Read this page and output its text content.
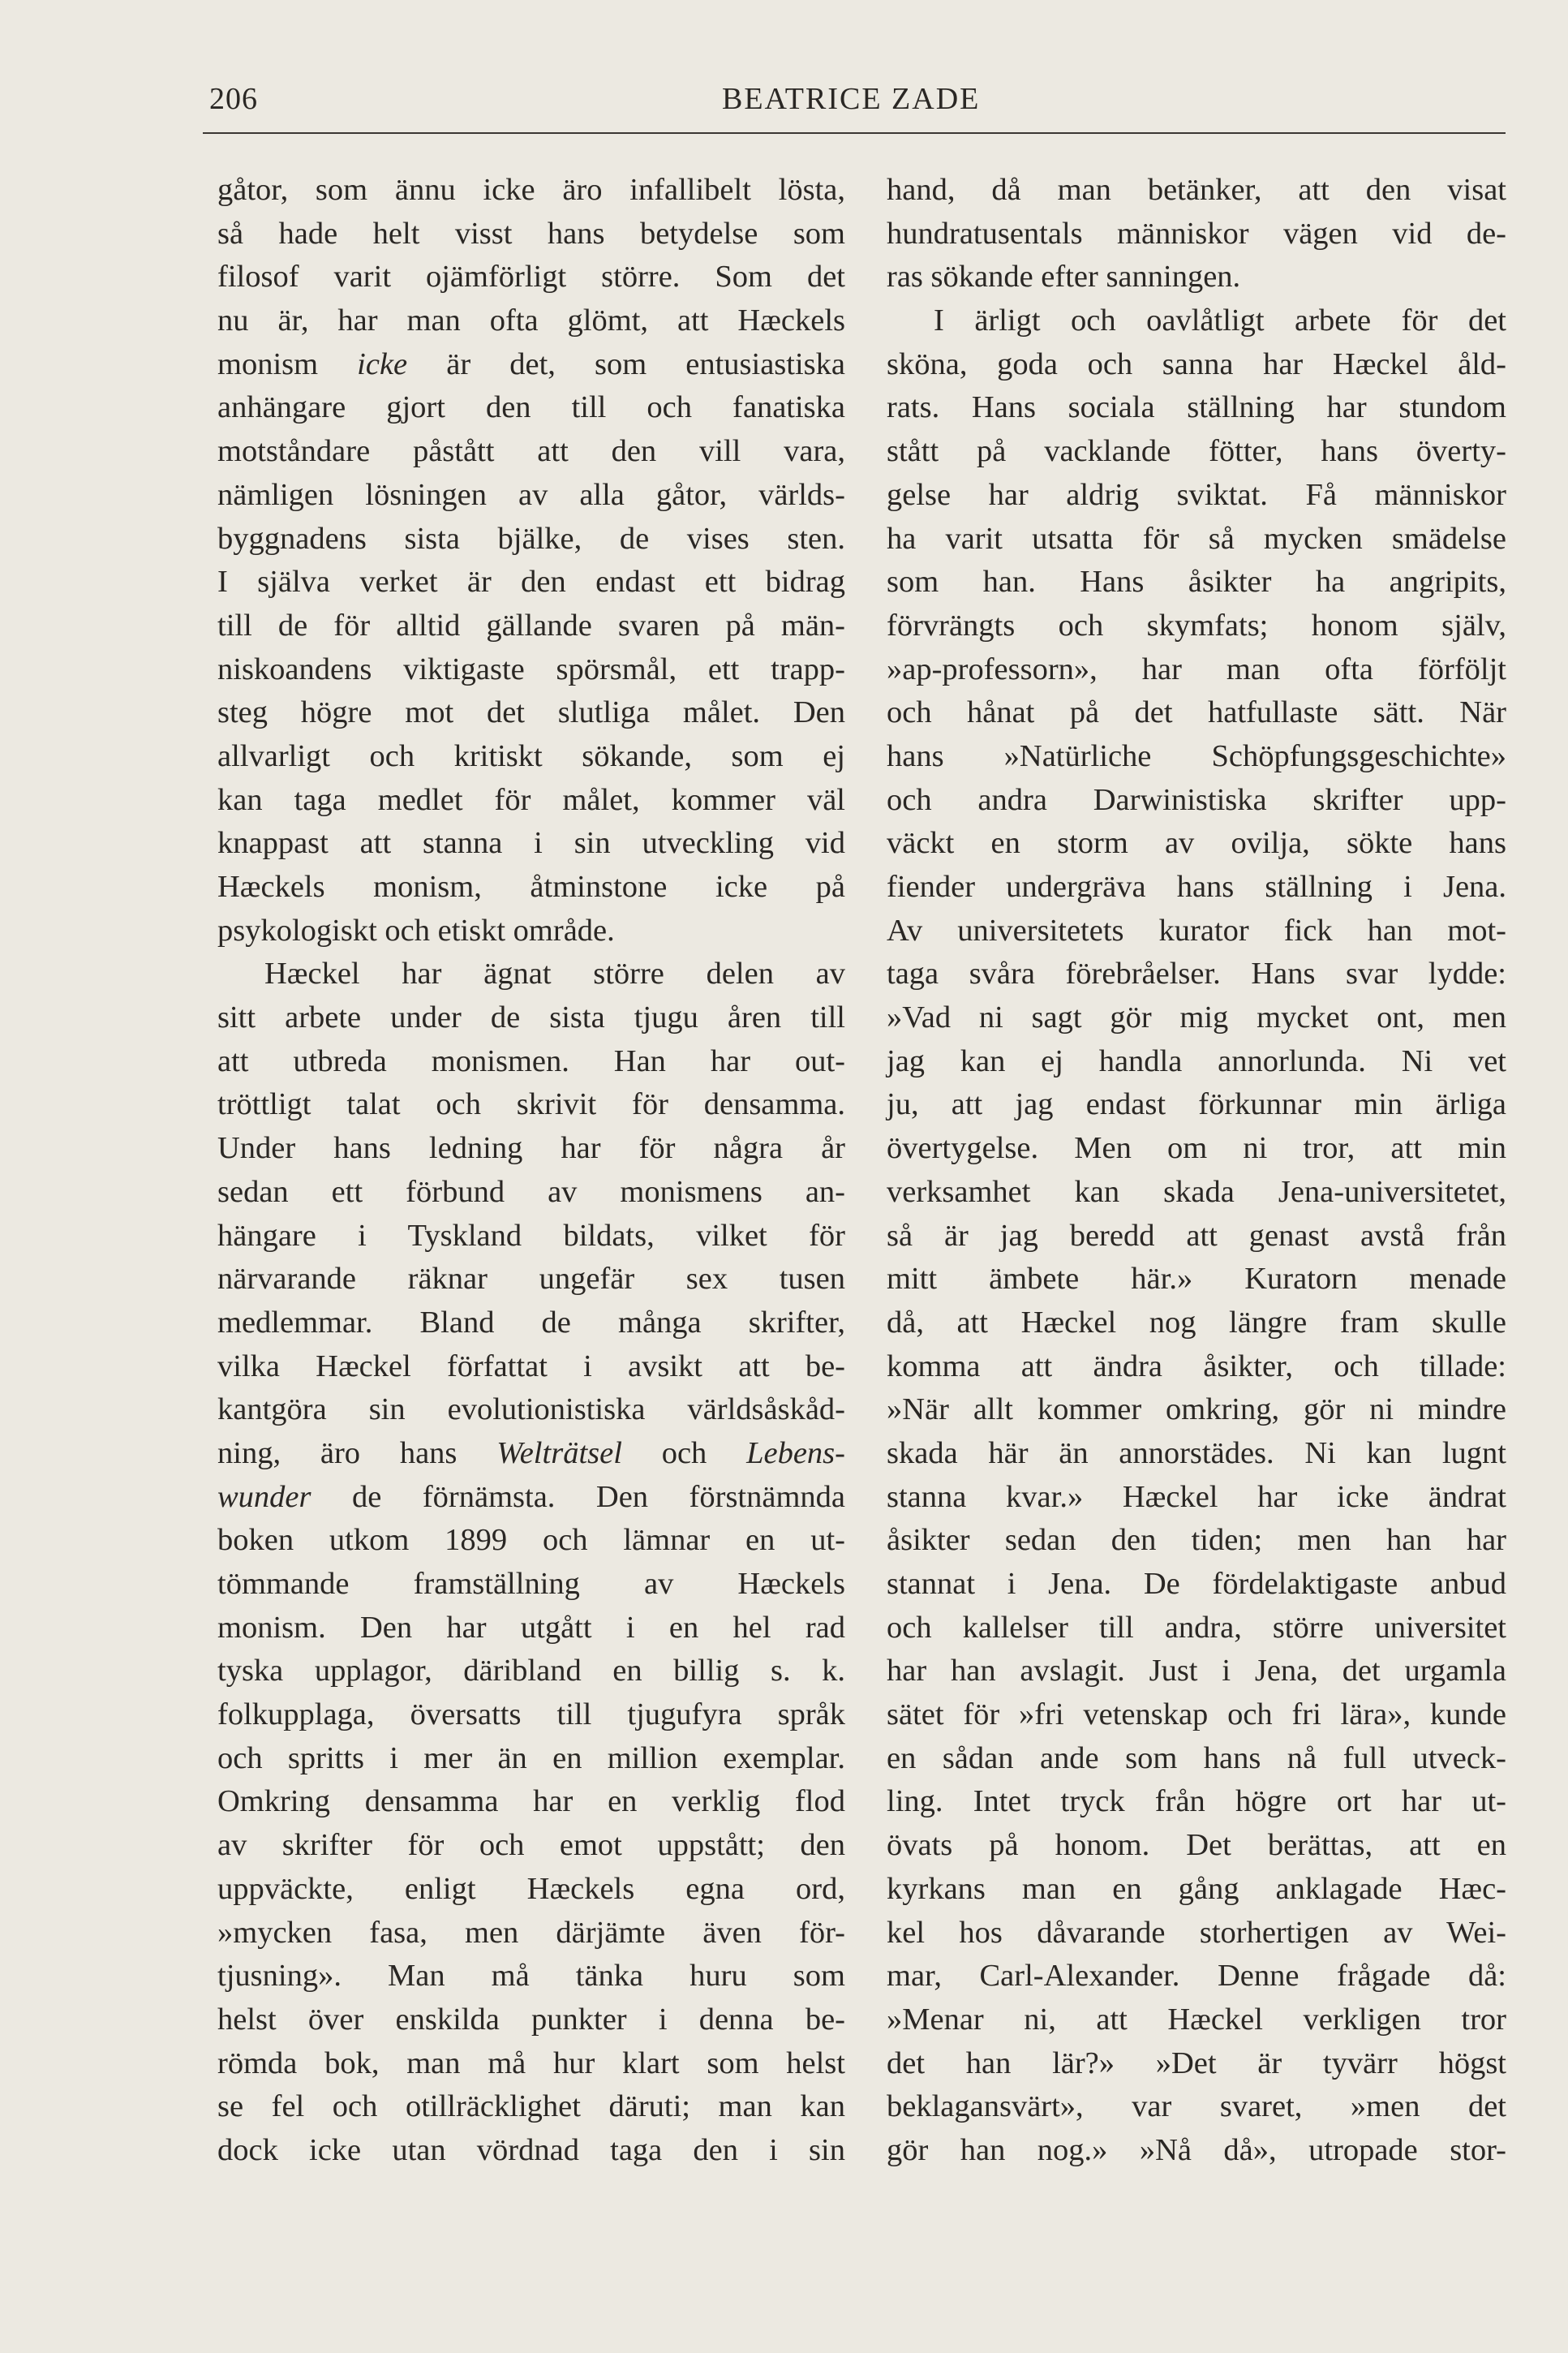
206	BEATRICE ZADE
gåtor, som ännu icke äro infallibelt lösta,
så hade helt visst hans betydelse som
filosof varit ojämförligt större. Som det
nu är, har man ofta glömt, att Hæckels
monism icke är det, som entusiastiska
anhängare gjort den till och fanatiska
motståndare påstått att den vill vara,
nämligen lösningen av alla gåtor, världs-
byggnadens sista bjälke, de vises sten.
I själva verket är den endast ett bidrag
till de för alltid gällande svaren på män-
niskoandens viktigaste spörsmål, ett trapp-
steg högre mot det slutliga målet. Den
allvarligt och kritiskt sökande, som ej
kan taga medlet för målet, kommer väl
knappast att stanna i sin utveckling vid
Hæckels monism, åtminstone icke på
psykologiskt och etiskt område.
Hæckel har ägnat större delen av
sitt arbete under de sista tjugu åren till
att utbreda monismen. Han har out-
tröttligt talat och skrivit för densamma.
Under hans ledning har för några år
sedan ett förbund av monismens an-
hängare i Tyskland bildats, vilket för
närvarande räknar ungefär sex tusen
medlemmar. Bland de många skrifter,
vilka Hæckel författat i avsikt att be-
kantgöra sin evolutionistiska världsåskåd-
ning, äro hans Welträtsel och Lebens-
wunder de förnämsta. Den förstnämnda
boken utkom 1899 och lämnar en ut-
tömmande framställning av Hæckels
monism. Den har utgått i en hel rad
tyska upplagor, däribland en billig s. k.
folkupplaga, översatts till tjugufyra språk
och spritts i mer än en million exemplar.
Omkring densamma har en verklig flod
av skrifter för och emot uppstått; den
uppväckte, enligt Hæckels egna ord,
»mycken fasa, men därjämte även för-
tjusning». Man må tänka huru som
helst över enskilda punkter i denna be-
römda bok, man må hur klart som helst
se fel och otillräcklighet däruti; man kan
dock icke utan vördnad taga den i sin
hand, då man betänker, att den visat
hundratusentals människor vägen vid de-
ras sökande efter sanningen.
I ärligt och oavlåtligt arbete för det
sköna, goda och sanna har Hæckel åld-
rats. Hans sociala ställning har stundom
stått på vacklande fötter, hans överty-
gelse har aldrig sviktat. Få människor
ha varit utsatta för så mycken smädelse
som han. Hans åsikter ha angripits,
förvrängts och skymfats; honom själv,
»ap-professorn», har man ofta förföljt
och hånat på det hatfullaste sätt. När
hans »Natürliche Schöpfungsgeschichte»
och andra Darwinistiska skrifter upp-
väckt en storm av ovilja, sökte hans
fiender undergräva hans ställning i Jena.
Av universitetets kurator fick han mot-
taga svåra förebråelser. Hans svar lydde:
»Vad ni sagt gör mig mycket ont, men
jag kan ej handla annorlunda. Ni vet
ju, att jag endast förkunnar min ärliga
övertygelse. Men om ni tror, att min
verksamhet kan skada Jena-universitetet,
så är jag beredd att genast avstå från
mitt ämbete här.» Kuratorn menade
då, att Hæckel nog längre fram skulle
komma att ändra åsikter, och tillade:
»När allt kommer omkring, gör ni mindre
skada här än annorstädes. Ni kan lugnt
stanna kvar.» Hæckel har icke ändrat
åsikter sedan den tiden; men han har
stannat i Jena. De fördelaktigaste anbud
och kallelser till andra, större universitet
har han avslagit. Just i Jena, det urgamla
sätet för »fri vetenskap och fri lära», kunde
en sådan ande som hans nå full utveck-
ling. Intet tryck från högre ort har ut-
övats på honom. Det berättas, att en
kyrkans man en gång anklagade Hæc-
kel hos dåvarande storhertigen av Wei-
mar, Carl-Alexander. Denne frågade då:
»Menar ni, att Hæckel verkligen tror
det han lär?» »Det är tyvärr högst
beklagansvärt», var svaret, »men det
gör han nog.» »Nå då», utropade stor-
